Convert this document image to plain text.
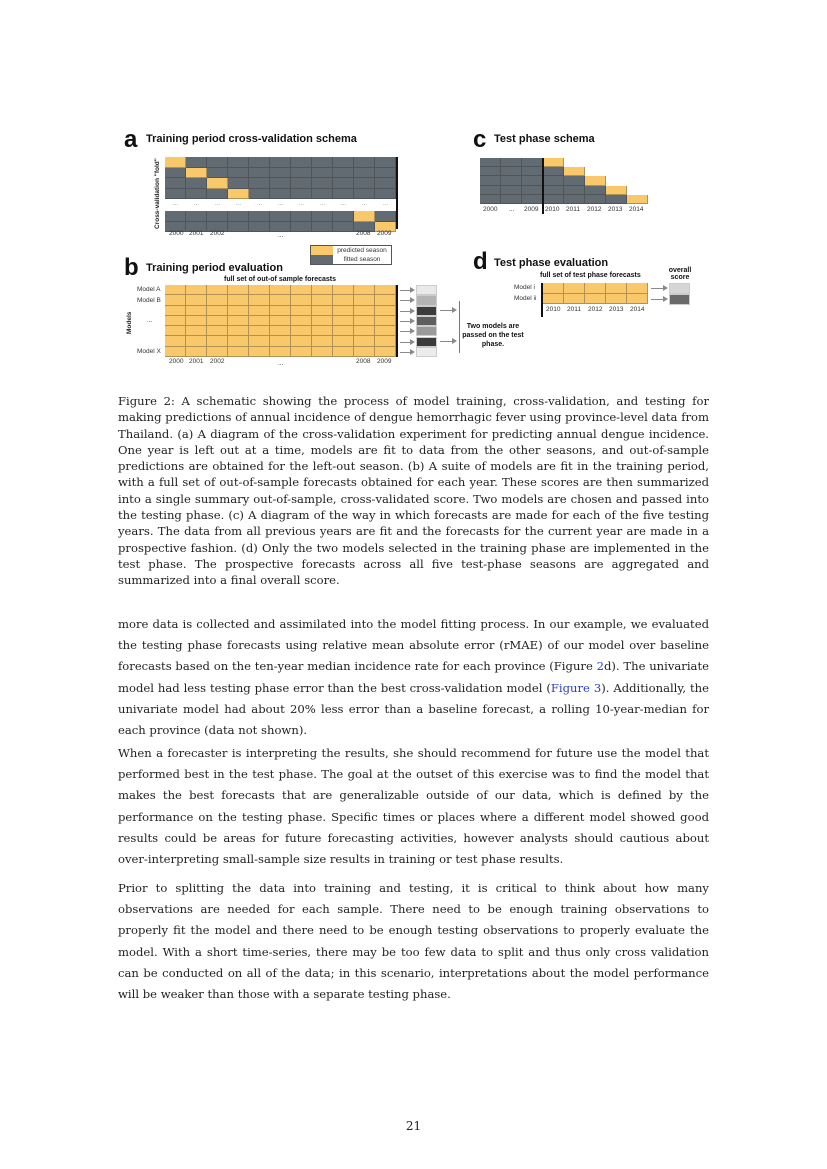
a Training period cross-validation schema
Cross-validation "fold"	...	...	...	...	...	...	...	...	...	...	...
2000 2001 2002	...	2008 2009
predicted season
fitted season
b Training period evaluation
full set of out-of sample forecasts
Models
Model A
Model B
...
Model X
2000 2001 2002	...	2008 2009
Two models are passed on the test phase.
c Test phase schema
2000 ... 2009 2010 2011 2012 2013 2014
d Test phase evaluation
full set of test phase forecasts
overall score
Model i
Model ii
2010 2011 2012 2013 2014
Figure 2: A schematic showing the process of model training, cross-validation, and testing for making predictions of annual incidence of dengue hemorrhagic fever using province-level data from Thailand. (a) A diagram of the cross-validation experiment for predicting annual dengue incidence. One year is left out at a time, models are fit to data from the other seasons, and out-of-sample predictions are obtained for the left-out season. (b) A suite of models are fit in the training period, with a full set of out-of-sample forecasts obtained for each year. These scores are then summarized into a single summary out-of-sample, cross-validated score. Two models are chosen and passed into the testing phase. (c) A diagram of the way in which forecasts are made for each of the five testing years. The data from all previous years are fit and the forecasts for the current year are made in a prospective fashion. (d) Only the two models selected in the training phase are implemented in the test phase. The prospective forecasts across all five test-phase seasons are aggregated and summarized into a final overall score.
more data is collected and assimilated into the model fitting process. In our example, we evaluated the testing phase forecasts using relative mean absolute error (rMAE) of our model over baseline forecasts based on the ten-year median incidence rate for each province (Figure 2d). The univariate model had less testing phase error than the best cross-validation model (Figure 3). Additionally, the univariate model had about 20% less error than a baseline forecast, a rolling 10-year-median for each province (data not shown).
When a forecaster is interpreting the results, she should recommend for future use the model that performed best in the test phase. The goal at the outset of this exercise was to find the model that makes the best forecasts that are generalizable outside of our data, which is defined by the performance on the testing phase. Specific times or places where a different model showed good results could be areas for future forecasting activities, however analysts should cautious about over-interpreting small-sample size results in training or test phase results.
Prior to splitting the data into training and testing, it is critical to think about how many observations are needed for each sample. There need to be enough training observations to properly fit the model and there need to be enough testing observations to properly evaluate the model. With a short time-series, there may be too few data to split and thus only cross validation can be conducted on all of the data; in this scenario, interpretations about the model performance will be weaker than those with a separate testing phase.
21
